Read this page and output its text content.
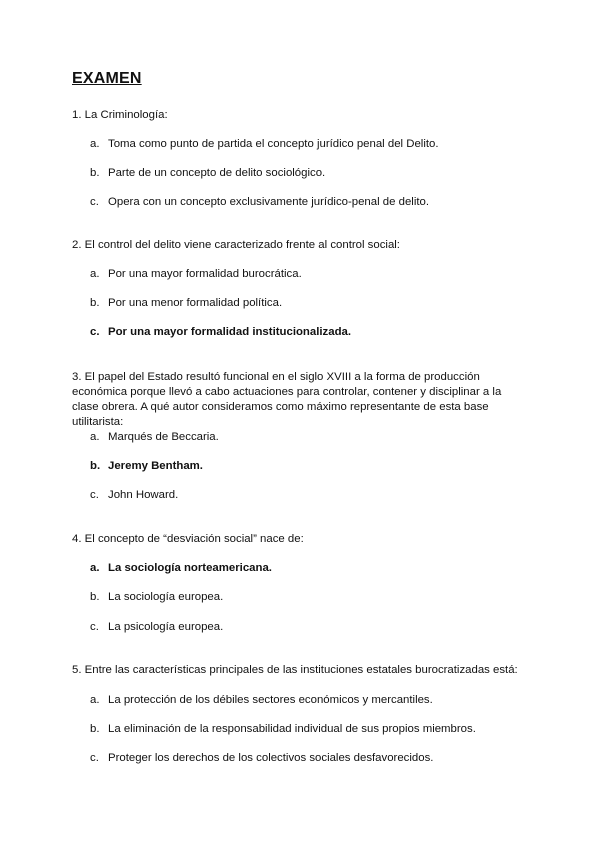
EXAMEN

1. La Criminología:

a. Toma como punto de partida el concepto jurídico penal del Delito.
b. Parte de un concepto de delito sociológico.
c. Opera con un concepto exclusivamente jurídico-penal de delito.

2. El control del delito viene caracterizado frente al control social:

a. Por una mayor formalidad burocrática.
b. Por una menor formalidad política.
c. Por una mayor formalidad institucionalizada.

3. El papel del Estado resultó funcional en el siglo XVIII a la forma de producción económica porque llevó a cabo actuaciones para controlar, contener y disciplinar a la clase obrera. A qué autor consideramos como máximo representante de esta base utilitarista:

a. Marqués de Beccaria.
b. Jeremy Bentham.
c. John Howard.

4. El concepto de “desviación social” nace de:

a. La sociología norteamericana.
b. La sociología europea.
c. La psicología europea.

5. Entre las características principales de las instituciones estatales burocratizadas está:

a. La protección de los débiles sectores económicos y mercantiles.
b. La eliminación de la responsabilidad individual de sus propios miembros.
c. Proteger los derechos de los colectivos sociales desfavorecidos.
